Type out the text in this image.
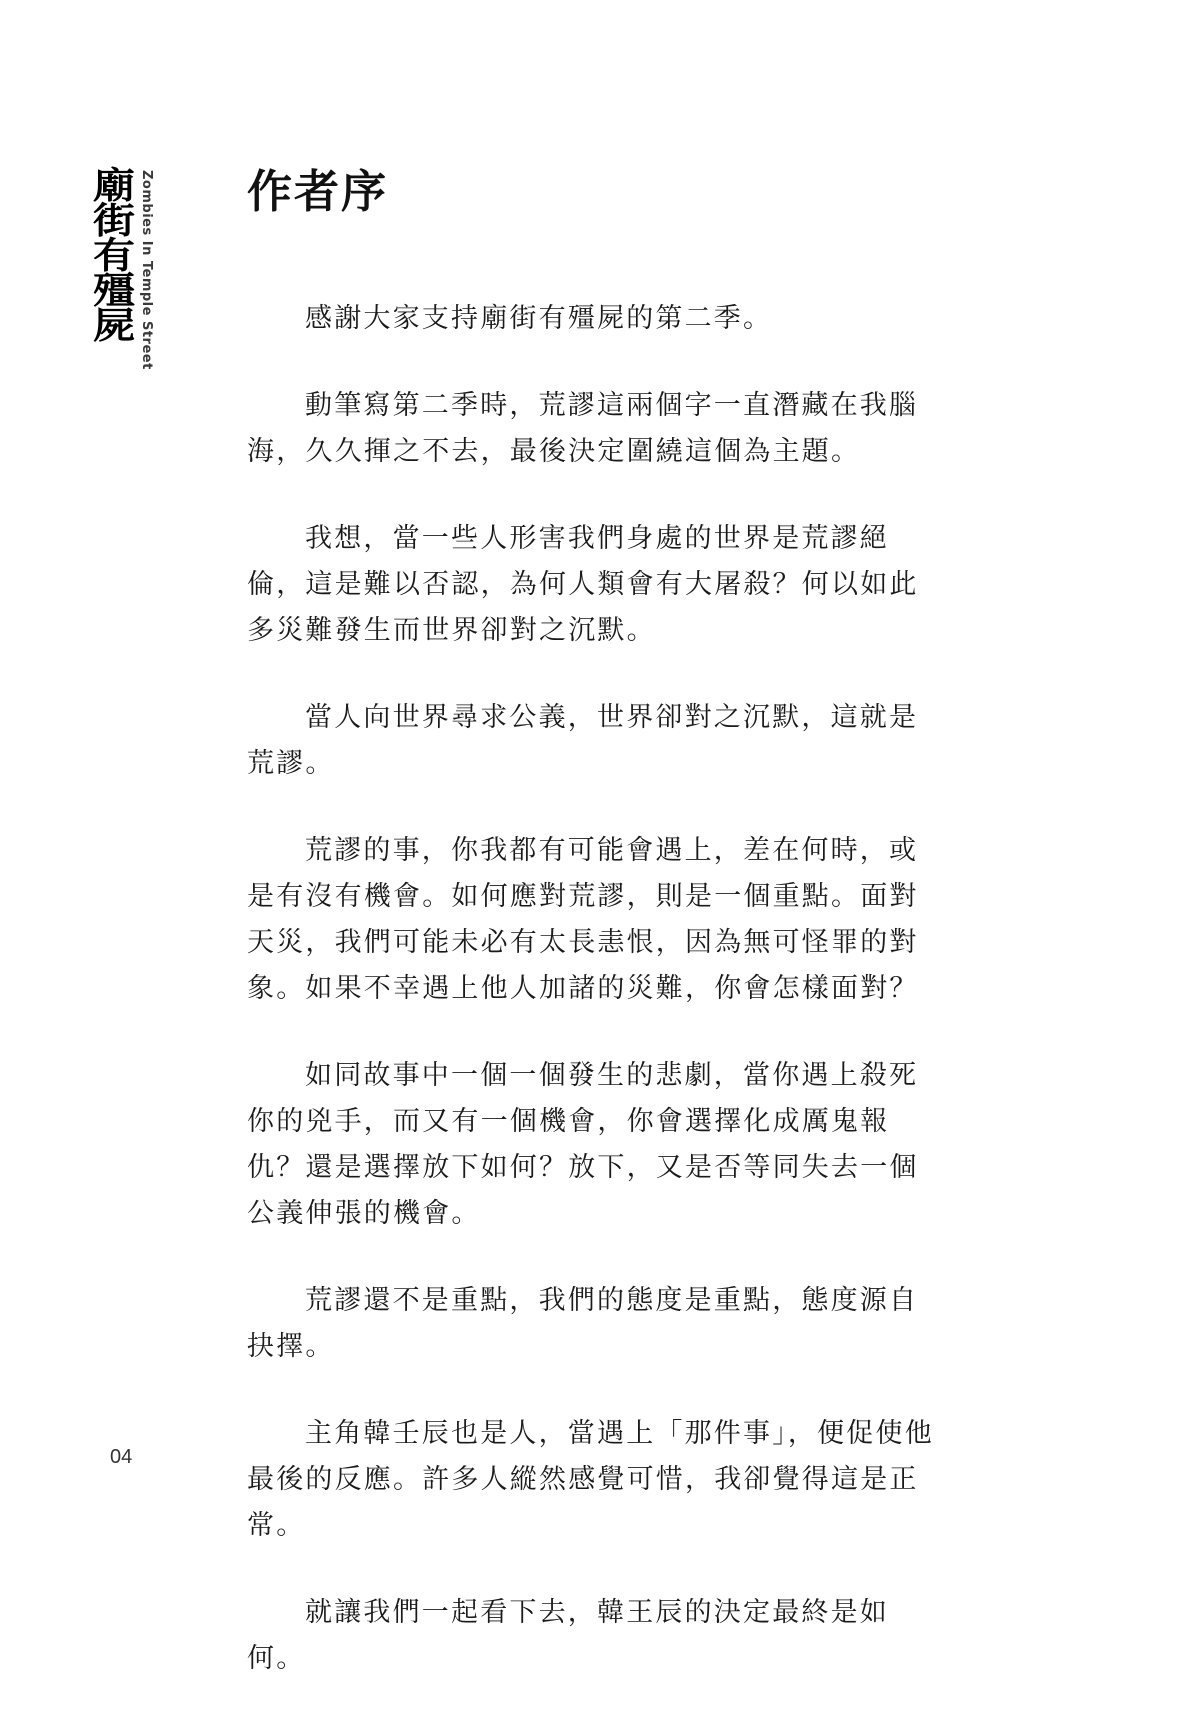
廟
街
有
殭
屍 Zombies In Temple Street 作者序

感謝大家支持廟街有殭屍的第二季。

動筆寫第二季時，荒謬這兩個字一直潛藏在我腦海，久久揮之不去，最後決定圍繞這個為主題。

我想，當一些人形害我們身處的世界是荒謬絕倫，這是難以否認，為何人類會有大屠殺？何以如此多災難發生而世界卻對之沉默。

當人向世界尋求公義，世界卻對之沉默，這就是荒謬。

荒謬的事，你我都有可能會遇上，差在何時，或是有沒有機會。如何應對荒謬，則是一個重點。面對天災，我們可能未必有太長恚恨，因為無可怪罪的對象。如果不幸遇上他人加諸的災難，你會怎樣面對？

如同故事中一個一個發生的悲劇，當你遇上殺死你的兇手，而又有一個機會，你會選擇化成厲鬼報仇？還是選擇放下如何？放下，又是否等同失去一個公義伸張的機會。

荒謬還不是重點，我們的態度是重點，態度源自抉擇。

主角韓壬辰也是人，當遇上「那件事」，便促使他最後的反應。許多人縱然感覺可惜，我卻覺得這是正常。

就讓我們一起看下去，韓王辰的決定最終是如何。

04
